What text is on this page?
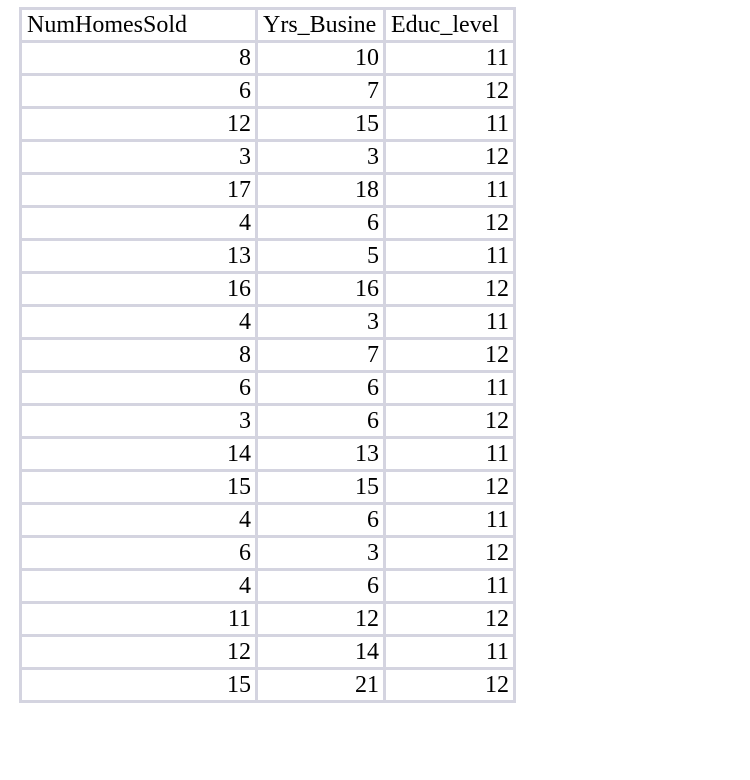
NumHomesSold	Yrs_Busine	Educ_level
8	10	11
6	7	12
12	15	11
3	3	12
17	18	11
4	6	12
13	5	11
16	16	12
4	3	11
8	7	12
6	6	11
3	6	12
14	13	11
15	15	12
4	6	11
6	3	12
4	6	11
11	12	12
12	14	11
15	21	12
